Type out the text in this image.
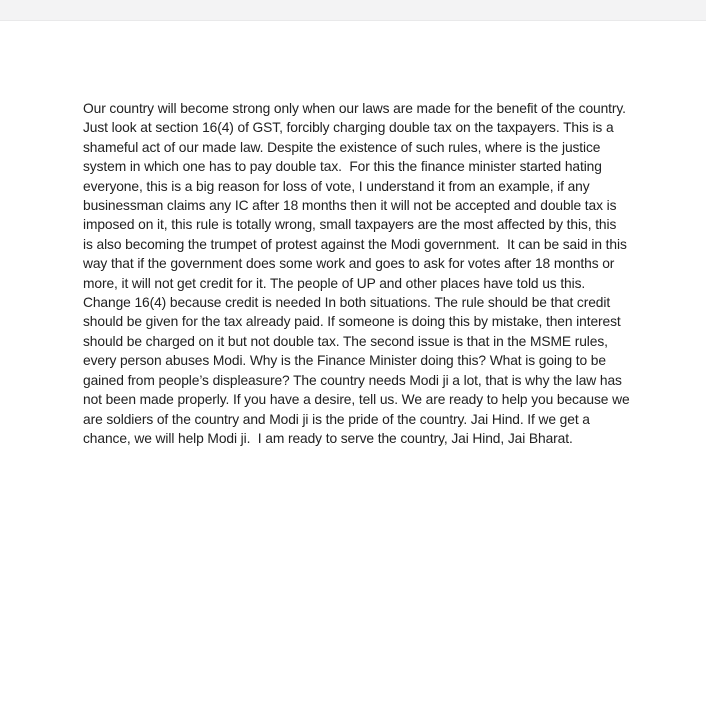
Our country will become strong only when our laws are made for the benefit of the country.
Just look at section 16(4) of GST, forcibly charging double tax on the taxpayers. This is a
shameful act of our made law. Despite the existence of such rules, where is the justice
system in which one has to pay double tax.  For this the finance minister started hating
everyone, this is a big reason for loss of vote, I understand it from an example, if any
businessman claims any IC after 18 months then it will not be accepted and double tax is
imposed on it, this rule is totally wrong, small taxpayers are the most affected by this, this
is also becoming the trumpet of protest against the Modi government.  It can be said in this
way that if the government does some work and goes to ask for votes after 18 months or
more, it will not get credit for it. The people of UP and other places have told us this.
Change 16(4) because credit is needed In both situations. The rule should be that credit
should be given for the tax already paid. If someone is doing this by mistake, then interest
should be charged on it but not double tax. The second issue is that in the MSME rules,
every person abuses Modi. Why is the Finance Minister doing this? What is going to be
gained from people’s displeasure? The country needs Modi ji a lot, that is why the law has
not been made properly. If you have a desire, tell us. We are ready to help you because we
are soldiers of the country and Modi ji is the pride of the country. Jai Hind. If we get a
chance, we will help Modi ji.  I am ready to serve the country, Jai Hind, Jai Bharat.
